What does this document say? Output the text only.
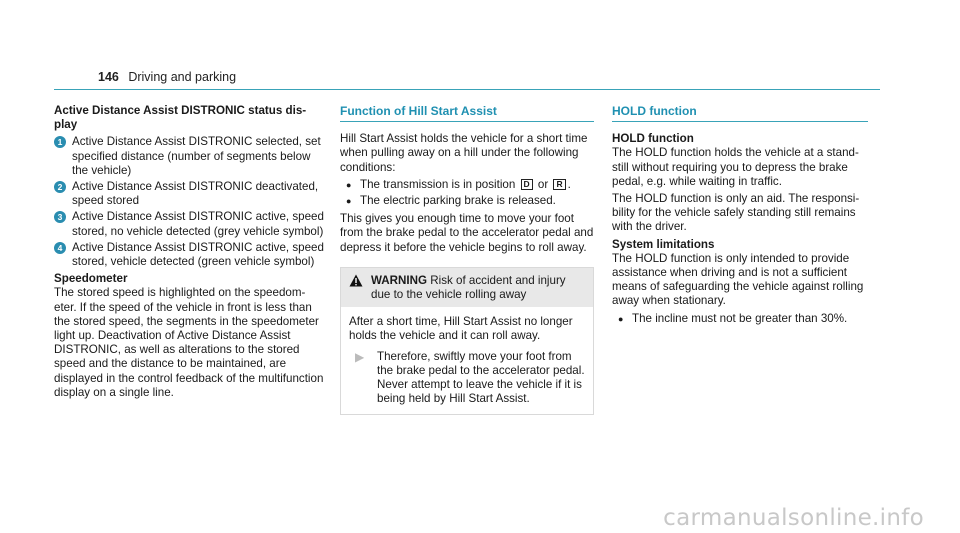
146 Driving and parking

Active Distance Assist DISTRONIC status display

1 Active Distance Assist DISTRONIC selected, set specified distance (number of segments below the vehicle)
2 Active Distance Assist DISTRONIC deactivated, speed stored
3 Active Distance Assist DISTRONIC active, speed stored, no vehicle detected (grey vehicle symbol)
4 Active Distance Assist DISTRONIC active, speed stored, vehicle detected (green vehicle symbol)

Speedometer

The stored speed is highlighted on the speedometer. If the speed of the vehicle in front is less than the stored speed, the segments in the speedometer light up. Deactivation of Active Distance Assist DISTRONIC, as well as alterations to the stored speed and the distance to be maintained, are displayed in the control feedback of the multifunction display on a single line.

Function of Hill Start Assist

Hill Start Assist holds the vehicle for a short time when pulling away on a hill under the following conditions:

● The transmission is in position D or R .
● The electric parking brake is released.

This gives you enough time to move your foot from the brake pedal to the accelerator pedal and depress it before the vehicle begins to roll away.

WARNING Risk of accident and injury due to the vehicle rolling away

After a short time, Hill Start Assist no longer holds the vehicle and it can roll away.

▶	Therefore, swiftly move your foot from the brake pedal to the accelerator pedal. Never attempt to leave the vehicle if it is being held by Hill Start Assist.
HOLD function

HOLD function

The HOLD function holds the vehicle at a standstill without requiring you to depress the brake pedal, e.g. while waiting in traffic.

The HOLD function is only an aid. The responsibility for the vehicle safely standing still remains with the driver.

System limitations

The HOLD function is only intended to provide assistance when driving and is not a sufficient means of safeguarding the vehicle against rolling away when stationary.

● The incline must not be greater than 30%.
carmanualsonline.info
